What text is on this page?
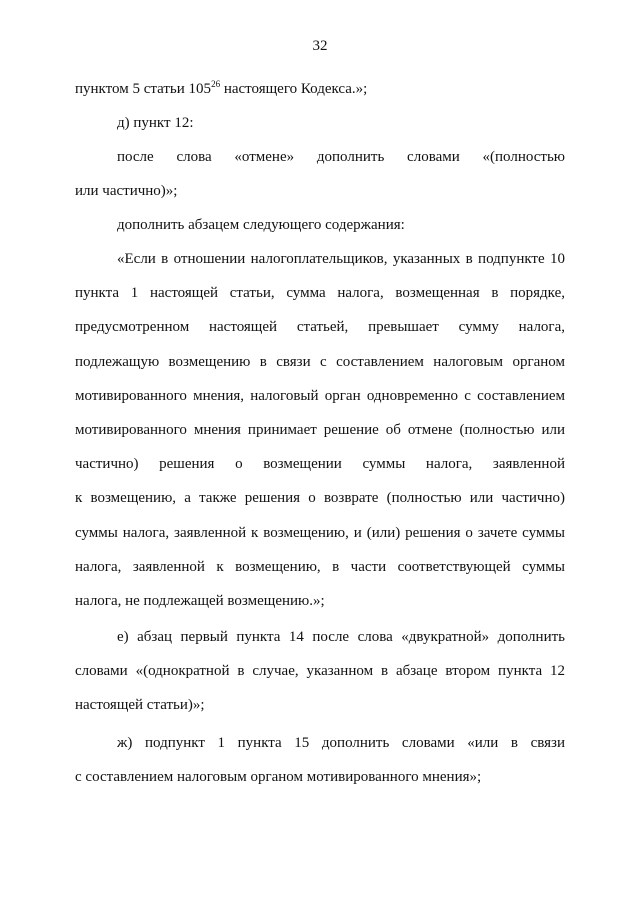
32
пунктом 5 статьи $105^{26}$ настоящего Кодекса.»;
д) пункт 12:
после слова «отмене» дополнить словами «(полностью
или частично)»;
дополнить абзацем следующего содержания:
«Если в отношении налогоплательщиков, указанных в подпункте 10
пункта 1 настоящей статьи, сумма налога, возмещенная в порядке,
предусмотренном настоящей статьей, превышает сумму налога,
подлежащую возмещению в связи с составлением налоговым органом
мотивированного мнения, налоговый орган одновременно с составлением
мотивированного мнения принимает решение об отмене (полностью или
частично) решения о возмещении суммы налога, заявленной
к возмещению, а также решения о возврате (полностью или частично)
суммы налога, заявленной к возмещению, и (или) решения о зачете суммы
налога, заявленной к возмещению, в части соответствующей суммы
налога, не подлежащей возмещению.»;
е) абзац первый пункта 14 после слова «двукратной» дополнить
словами «(однократной в случае, указанном в абзаце втором пункта 12
настоящей статьи)»;
ж) подпункт 1 пункта 15 дополнить словами «или в связи
с составлением налоговым органом мотивированного мнения»;
